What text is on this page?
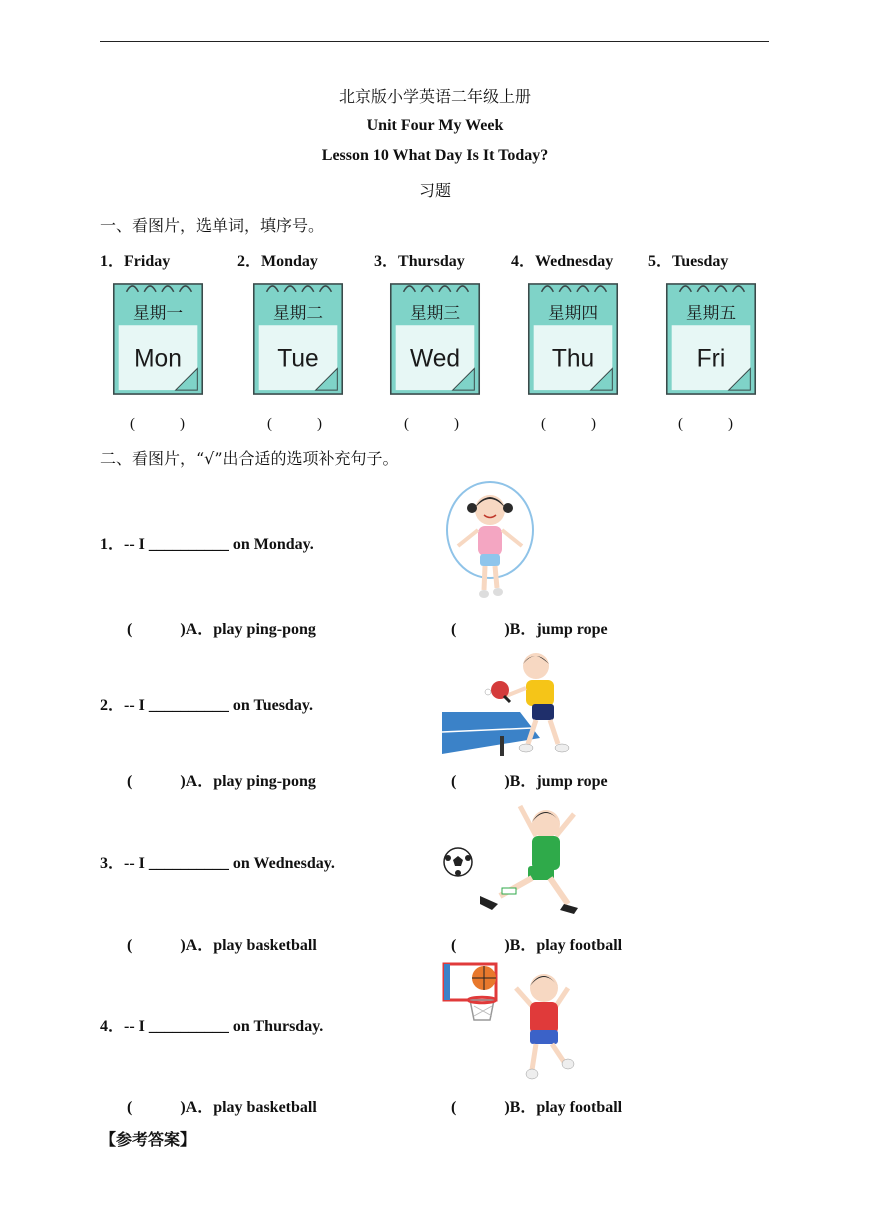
北京版小学英语二年级上册
Unit Four My Week
Lesson 10 What Day Is It Today?
习题
一、看图片，选单词，填序号。
1．Friday	2．Monday	3．Thursday	4．Wednesday 5．Tuesday
星期一
Mon
星期二
Tue
星期三
Wed
星期四
Thu
星期五
Fri
(　　　)	(　　　)	(　　　)	(　　　)	(　　　)
二、看图片，“√”出合适的选项补充句子。
1．-- I __________ on Monday.
(	)A．play ping-pong	(	)B．jump rope
2．-- I __________ on Tuesday.
(	)A．play ping-pong	(	)B．jump rope
3．-- I __________ on Wednesday.
(	)A．play basketball	(	)B．play football
4．-- I __________ on Thursday.
(	)A．play basketball	(	)B．play football
【参考答案】
